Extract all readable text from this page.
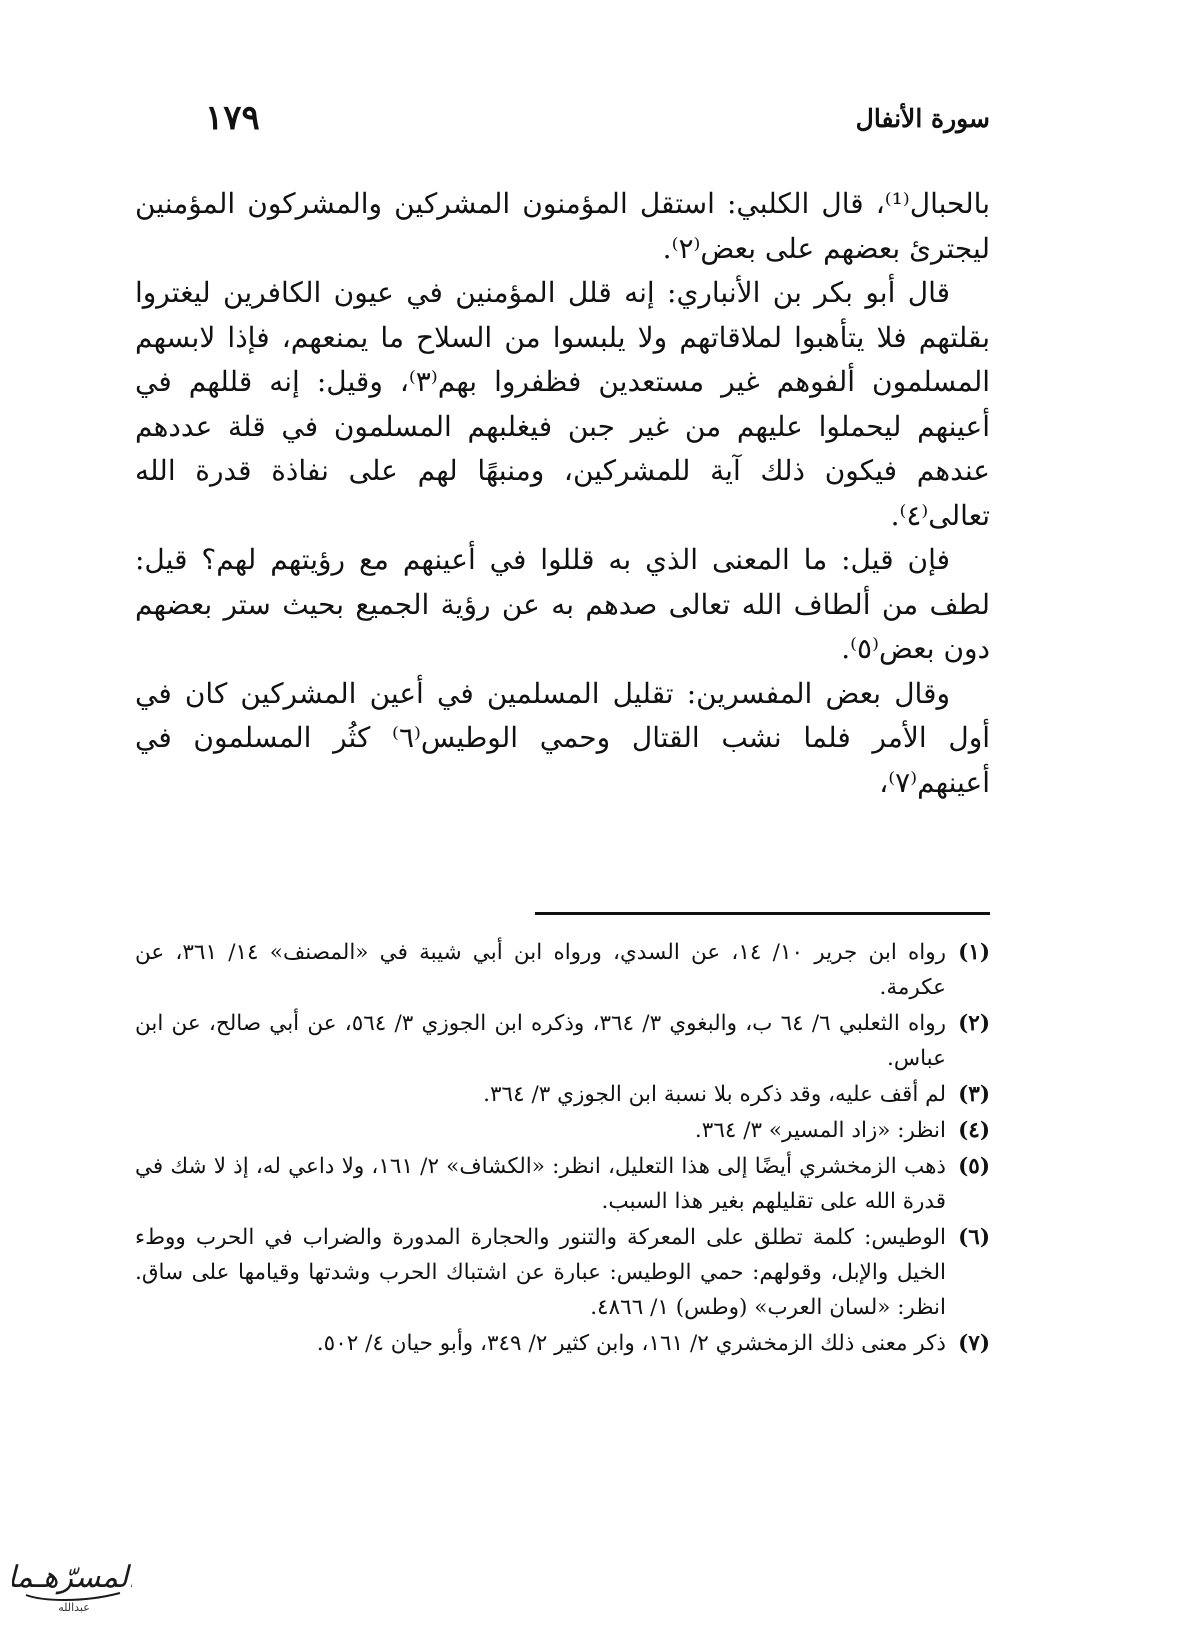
سورة الأنفال
١٧٩

بالحبال⁽¹⁾، قال الكلبي: استقل المؤمنون المشركين والمشركون المؤمنين ليجترئ بعضهم على بعض⁽٢⁾.

قال أبو بكر بن الأنباري: إنه قلل المؤمنين في عيون الكافرين ليغتروا بقلتهم فلا يتأهبوا لملاقاتهم ولا يلبسوا من السلاح ما يمنعهم، فإذا لابسهم المسلمون ألفوهم غير مستعدين فظفروا بهم⁽٣⁾، وقيل: إنه قللهم في أعينهم ليحملوا عليهم من غير جبن فيغلبهم المسلمون في قلة عددهم عندهم فيكون ذلك آية للمشركين، ومنبهًا لهم على نفاذة قدرة الله تعالى⁽٤⁾.

فإن قيل: ما المعنى الذي به قللوا في أعينهم مع رؤيتهم لهم؟ قيل: لطف من ألطاف الله تعالى صدهم به عن رؤية الجميع بحيث ستر بعضهم دون بعض⁽٥⁾.

وقال بعض المفسرين: تقليل المسلمين في أعين المشركين كان في أول الأمر فلما نشب القتال وحمي الوطيس⁽٦⁾ كثُر المسلمون في أعينهم⁽٧⁾،

(١)
رواه ابن جرير ١٠/ ١٤، عن السدي، ورواه ابن أبي شيبة في «المصنف» ١٤/ ٣٦١، عن عكرمة.
(٢)
رواه الثعلبي ٦/ ٦٤ ب، والبغوي ٣/ ٣٦٤، وذكره ابن الجوزي ٣/ ٥٦٤، عن أبي صالح، عن ابن عباس.
(٣)
لم أقف عليه، وقد ذكره بلا نسبة ابن الجوزي ٣/ ٣٦٤.
(٤)
انظر: «زاد المسير» ٣/ ٣٦٤.
(٥)
ذهب الزمخشري أيضًا إلى هذا التعليل، انظر: «الكشاف» ٢/ ١٦١، ولا داعي له، إذ لا شك في قدرة الله على تقليلهم بغير هذا السبب.
(٦)
الوطيس: كلمة تطلق على المعركة والتنور والحجارة المدورة والضراب في الحرب ووطء الخيل والإبل، وقولهم: حمي الوطيس: عبارة عن اشتباك الحرب وشدتها وقيامها على ساق. انظر: «لسان العرب» (وطس) ١/ ٤٨٦٦.
(٧)
ذكر معنى ذلك الزمخشري ٢/ ١٦١، وابن كثير ٢/ ٣٤٩، وأبو حيان ٤/ ٥٠٢.
المسرّهـما
عبدالله
